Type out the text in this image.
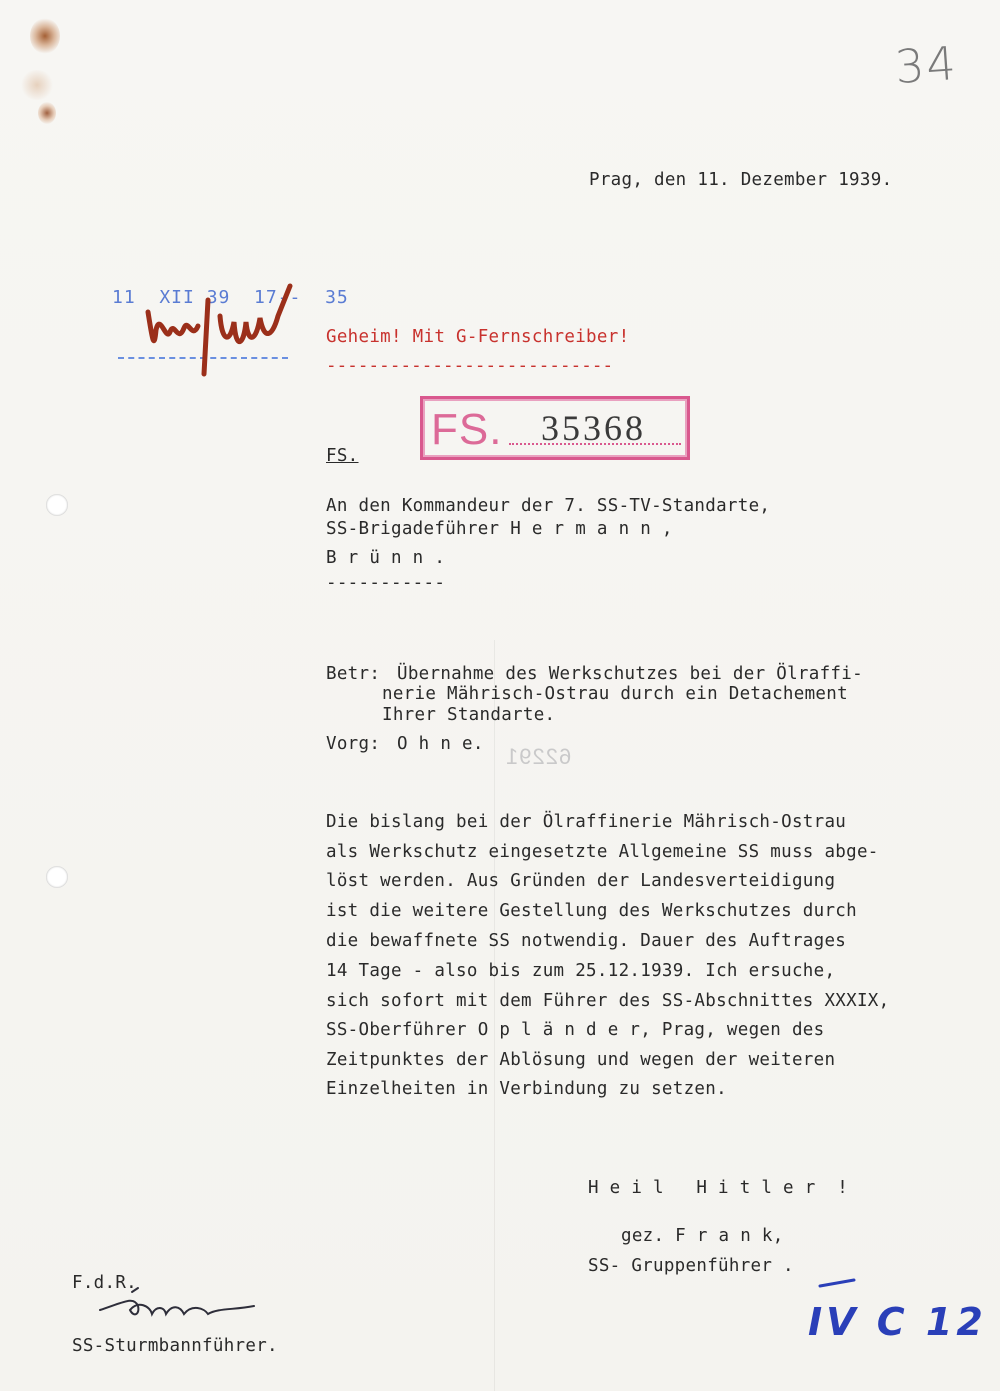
34
Prag, den 11. Dezember 1939.
11  XII 39  17--  35
Geheim! Mit G-Fernschreiber!
---------------------------
FS. 35368
FS.
An den Kommandeur der 7. SS-TV-Standarte,
SS-Brigadeführer H e r m a n n ,
B r ü n n .
-----------
Betr: Übernahme des Werkschutzes bei der Ölraffi-
nerie Mährisch-Ostrau durch ein Detachement
Ihrer Standarte.
Vorg: O h n e. 62291
Die bislang bei der Ölraffinerie Mährisch-Ostrau
als Werkschutz eingesetzte Allgemeine SS muss abge-
löst werden. Aus Gründen der Landesverteidigung
ist die weitere Gestellung des Werkschutzes durch
die bewaffnete SS notwendig. Dauer des Auftrages
14 Tage - also bis zum 25.12.1939. Ich ersuche,
sich sofort mit dem Führer des SS-Abschnittes XXXIX,
SS-Oberführer O p l ä n d e r, Prag, wegen des
Zeitpunktes der Ablösung und wegen der weiteren
Einzelheiten in Verbindung zu setzen.
H e i l   H i t l e r  !
gez. F r a n k,
SS- Gruppenführer .
F.d.R.
SS-Sturmbannführer.
IV C 12
